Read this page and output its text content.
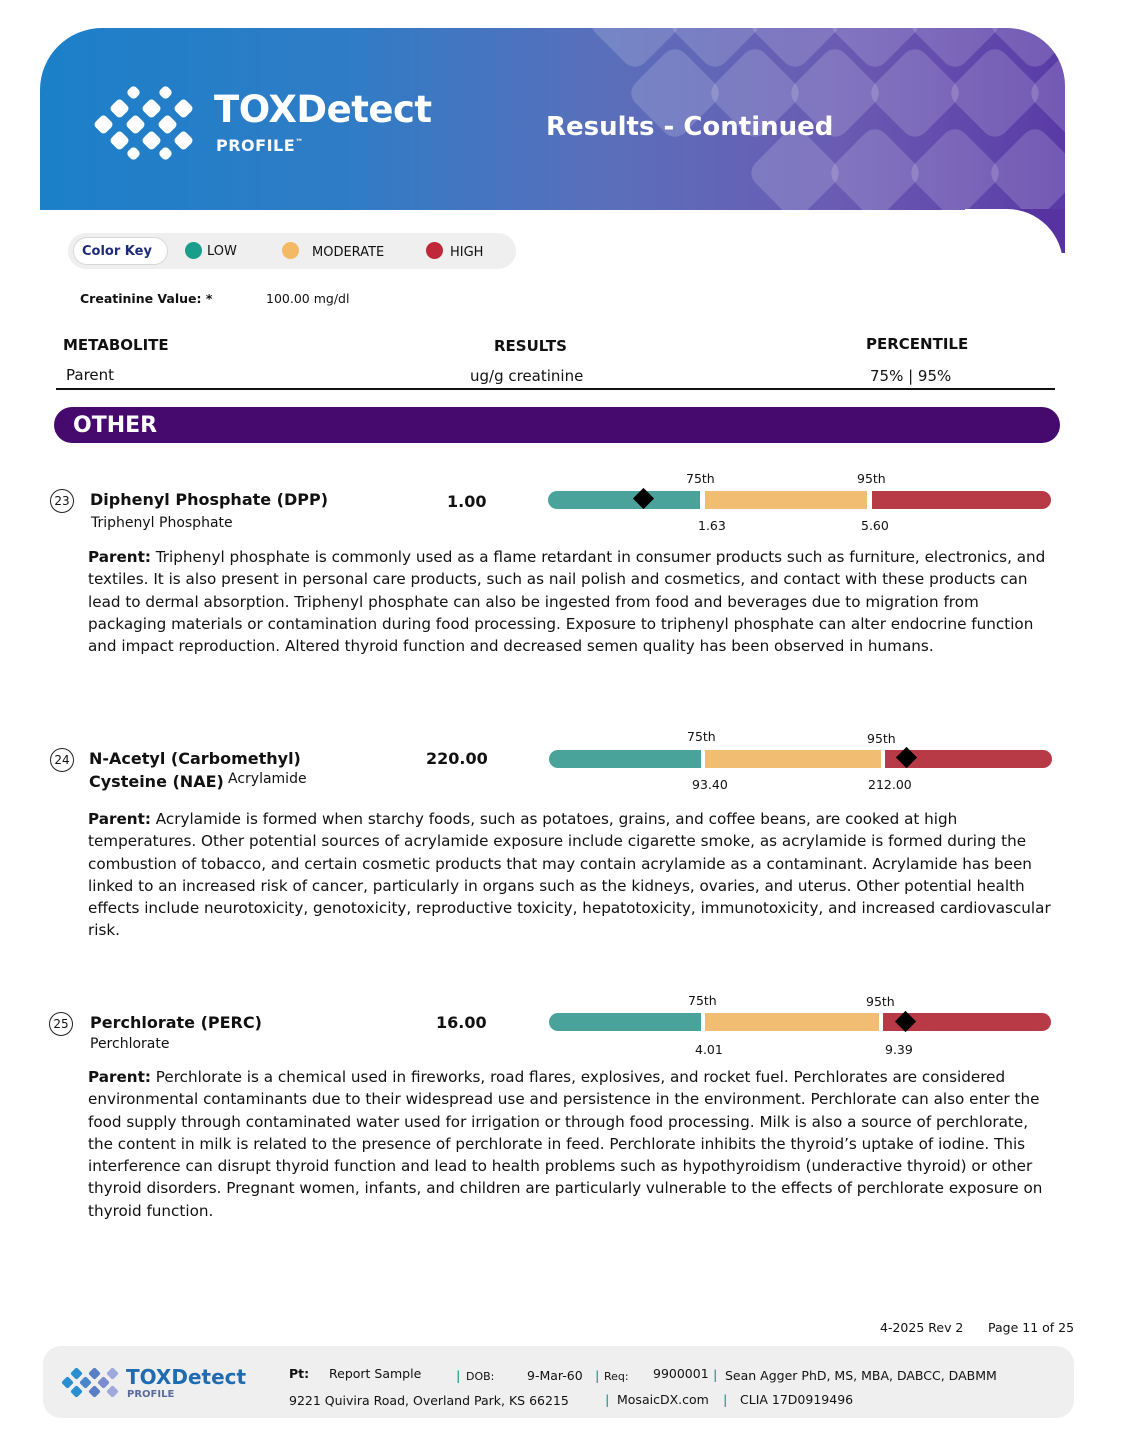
TOXDetect
PROFILE™
Results - Continued
Color Key	LOW	MODERATE	HIGH
Creatinine Value: *	100.00 mg/dl
METABOLITE	RESULTS	PERCENTILE
Parent	ug/g creatinine	75% | 95%
OTHER
23 Diphenyl Phosphate (DPP)
Triphenyl Phosphate
1.00
75th	95th
1.63	5.60
Parent: Triphenyl phosphate is commonly used as a flame retardant in consumer products such as furniture, electronics, and textiles. It is also present in personal care products, such as nail polish and cosmetics, and contact with these products can lead to dermal absorption. Triphenyl phosphate can also be ingested from food and beverages due to migration from packaging materials or contamination during food processing. Exposure to triphenyl phosphate can alter endocrine function and impact reproduction. Altered thyroid function and decreased semen quality has been observed in humans.
24 N-Acetyl (Carbomethyl)
Cysteine (NAE) Acrylamide
220.00
75th	95th
93.40	212.00
Parent: Acrylamide is formed when starchy foods, such as potatoes, grains, and coffee beans, are cooked at high temperatures. Other potential sources of acrylamide exposure include cigarette smoke, as acrylamide is formed during the combustion of tobacco, and certain cosmetic products that may contain acrylamide as a contaminant. Acrylamide has been linked to an increased risk of cancer, particularly in organs such as the kidneys, ovaries, and uterus. Other potential health effects include neurotoxicity, genotoxicity, reproductive toxicity, hepatotoxicity, immunotoxicity, and increased cardiovascular risk.
25 Perchlorate (PERC)
Perchlorate
16.00
75th	95th
4.01	9.39
Parent: Perchlorate is a chemical used in fireworks, road flares, explosives, and rocket fuel. Perchlorates are considered environmental contaminants due to their widespread use and persistence in the environment. Perchlorate can also enter the food supply through contaminated water used for irrigation or through food processing. Milk is also a source of perchlorate, the content in milk is related to the presence of perchlorate in feed. Perchlorate inhibits the thyroid’s uptake of iodine. This interference can disrupt thyroid function and lead to health problems such as hypothyroidism (underactive thyroid) or other thyroid disorders. Pregnant women, infants, and children are particularly vulnerable to the effects of perchlorate exposure on thyroid function.
4-2025 Rev 2 Page 11 of 25
TOXDetect
PROFILE
Pt: Report Sample	| DOB:	9-Mar-60 | Req: 9900001 | Sean Agger PhD, MS, MBA, DABCC, DABMM
9221 Quivira Road, Overland Park, KS 66215	| MosaicDX.com | CLIA 17D0919496
